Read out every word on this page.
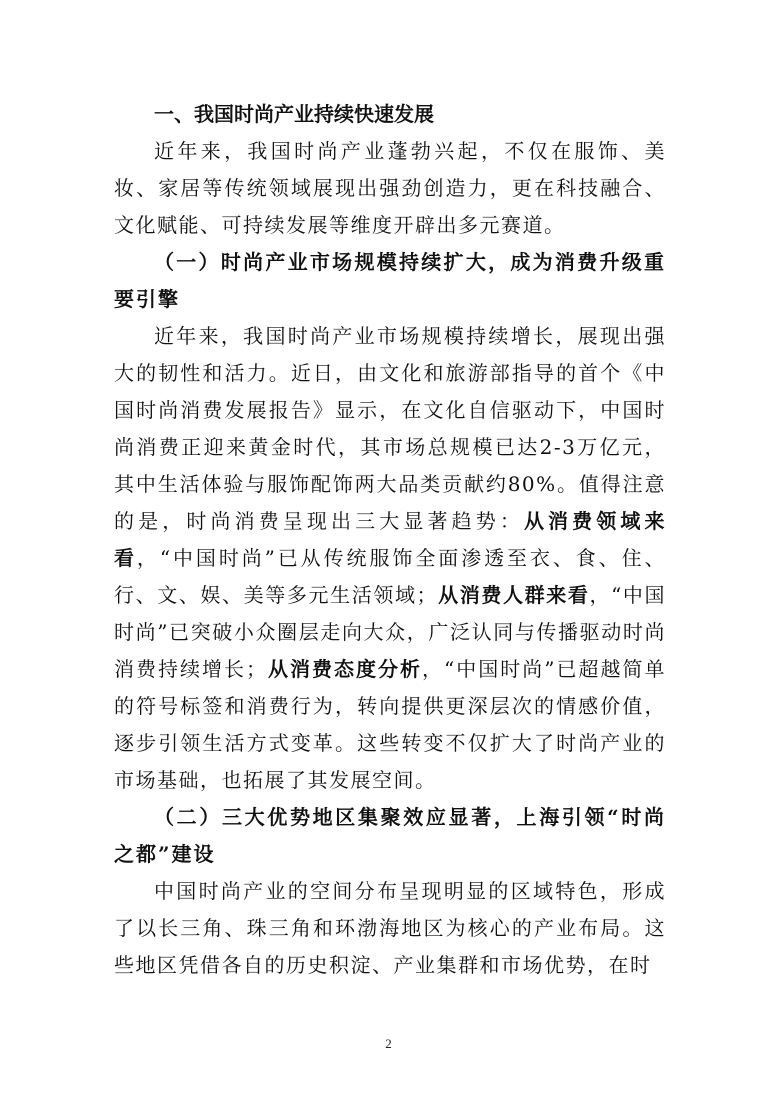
一、我国时尚产业持续快速发展

近年来，我国时尚产业蓬勃兴起，不仅在服饰、美妆、家居等传统领域展现出强劲创造力，更在科技融合、文化赋能、可持续发展等维度开辟出多元赛道。

（一）时尚产业市场规模持续扩大，成为消费升级重要引擎

近年来，我国时尚产业市场规模持续增长，展现出强大的韧性和活力。近日，由文化和旅游部指导的首个《中国时尚消费发展报告》显示，在文化自信驱动下，中国时尚消费正迎来黄金时代，其市场总规模已达2-3万亿元，其中生活体验与服饰配饰两大品类贡献约80%。值得注意的是，时尚消费呈现出三大显著趋势：从消费领域来看，“中国时尚”已从传统服饰全面渗透至衣、食、住、行、文、娱、美等多元生活领域；从消费人群来看，“中国时尚”已突破小众圈层走向大众，广泛认同与传播驱动时尚消费持续增长；从消费态度分析，“中国时尚”已超越简单的符号标签和消费行为，转向提供更深层次的情感价值，逐步引领生活方式变革。这些转变不仅扩大了时尚产业的市场基础，也拓展了其发展空间。

（二）三大优势地区集聚效应显著，上海引领“时尚之都”建设

中国时尚产业的空间分布呈现明显的区域特色，形成了以长三角、珠三角和环渤海地区为核心的产业布局。这些地区凭借各自的历史积淀、产业集群和市场优势，在时

2
